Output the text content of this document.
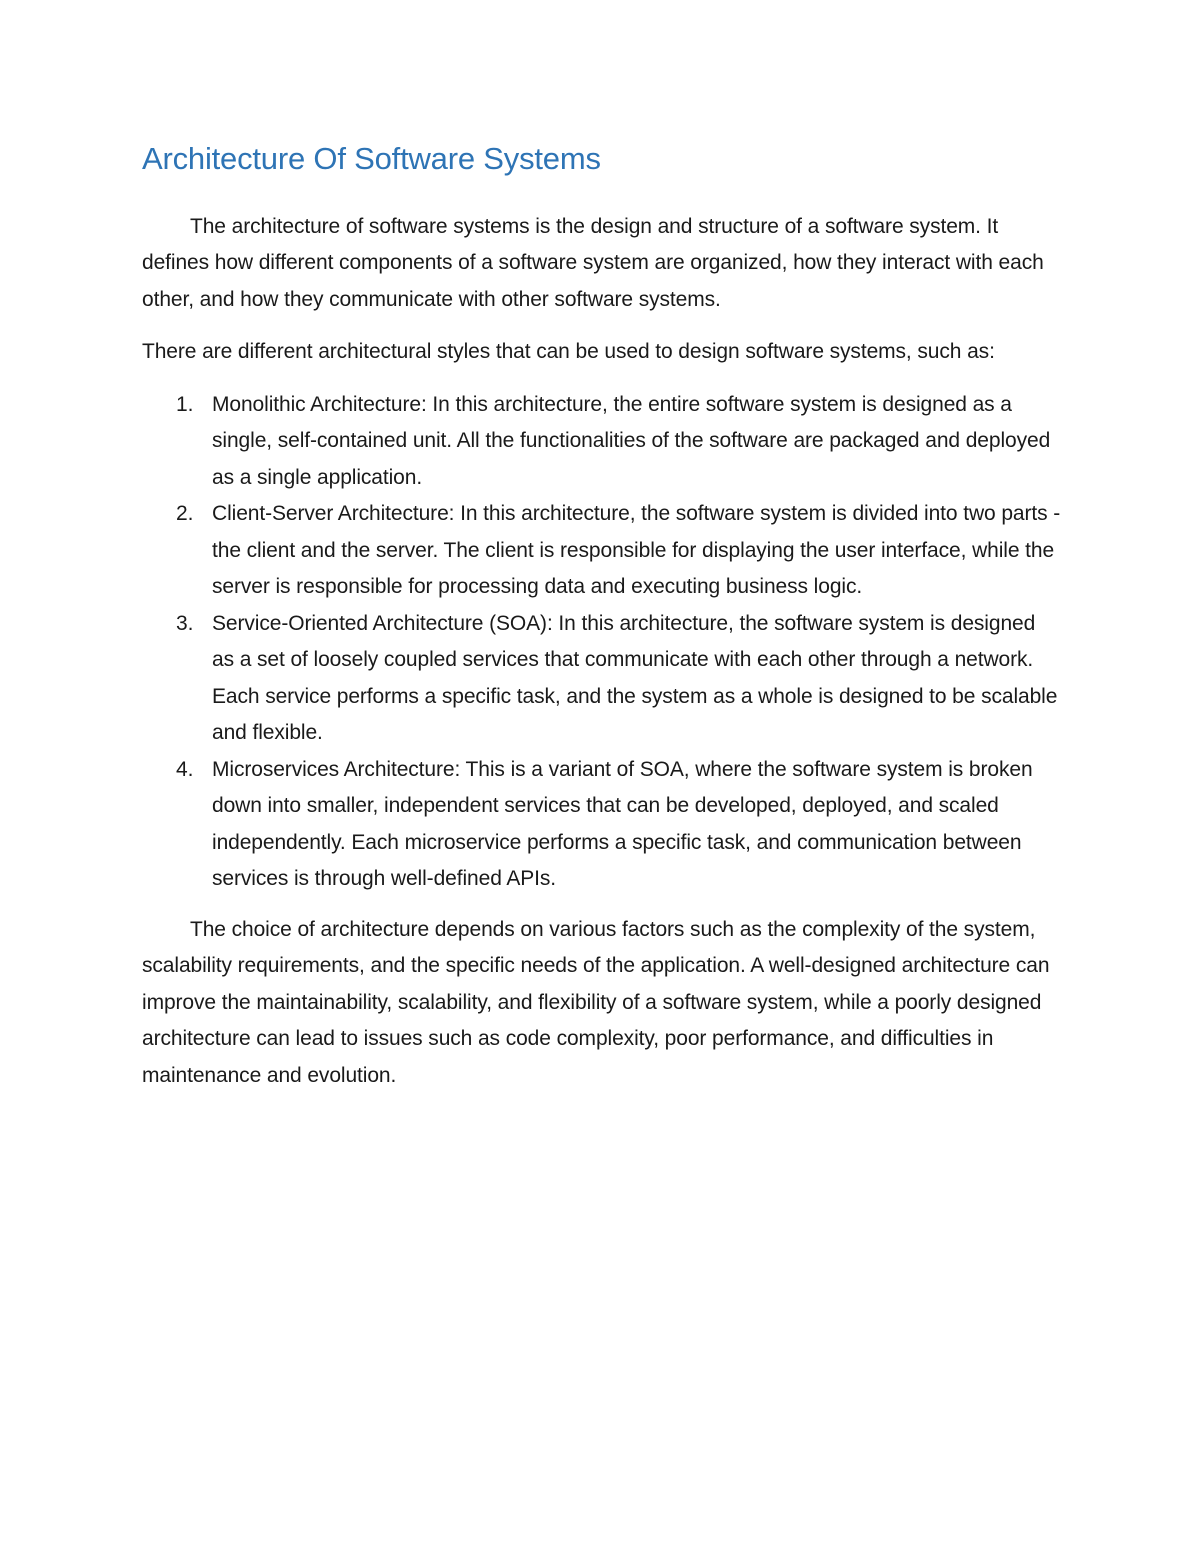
Architecture Of Software Systems

The architecture of software systems is the design and structure of a software system. It defines how different components of a software system are organized, how they interact with each other, and how they communicate with other software systems.

There are different architectural styles that can be used to design software systems, such as:

1. Monolithic Architecture: In this architecture, the entire software system is designed as a single, self-contained unit. All the functionalities of the software are packaged and deployed as a single application.
2. Client-Server Architecture: In this architecture, the software system is divided into two parts - the client and the server. The client is responsible for displaying the user interface, while the server is responsible for processing data and executing business logic.
3. Service-Oriented Architecture (SOA): In this architecture, the software system is designed as a set of loosely coupled services that communicate with each other through a network. Each service performs a specific task, and the system as a whole is designed to be scalable and flexible.
4. Microservices Architecture: This is a variant of SOA, where the software system is broken down into smaller, independent services that can be developed, deployed, and scaled independently. Each microservice performs a specific task, and communication between services is through well-defined APIs.

The choice of architecture depends on various factors such as the complexity of the system, scalability requirements, and the specific needs of the application. A well-designed architecture can improve the maintainability, scalability, and flexibility of a software system, while a poorly designed architecture can lead to issues such as code complexity, poor performance, and difficulties in maintenance and evolution.
